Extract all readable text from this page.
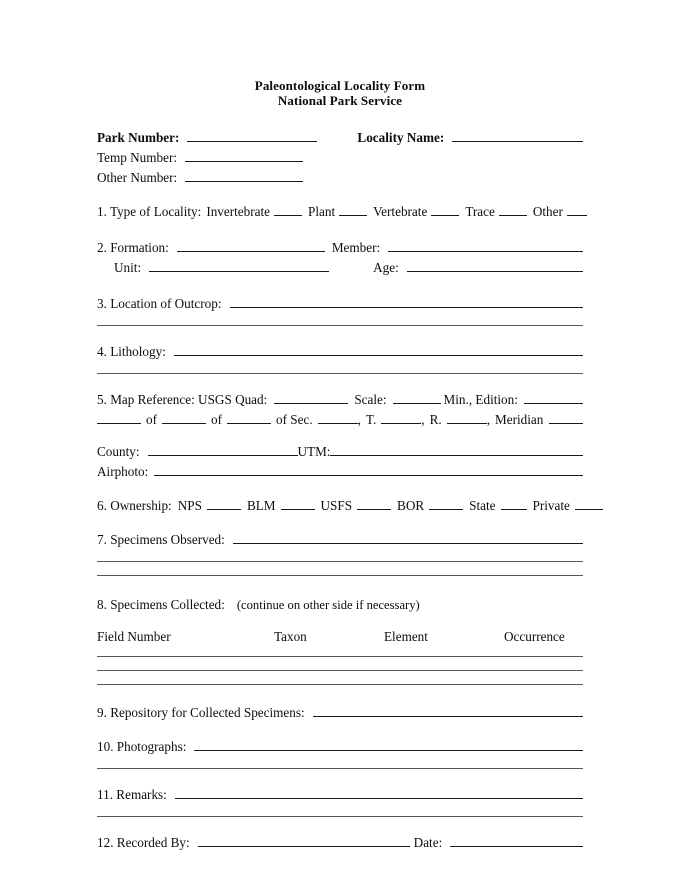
Paleontological Locality Form
National Park Service
Park Number:	Locality Name:
Temp Number:
Other Number:
1. Type of Locality: Invertebrate	Plant	Vertebrate	Trace	Other
2. Formation:	Member:
Unit:	Age:
3. Location of Outcrop:
4. Lithology:
5. Map Reference: USGS Quad:	Scale:	Min., Edition:
of	of	of Sec.	, T.	, R.	, Meridian
County:	UTM:
Airphoto:
6. Ownership: NPS	BLM	USFS	BOR	State	Private
7. Specimens Observed:
8. Specimens Collected: (continue on other side if necessary)
Field Number	Taxon	Element	Occurrence
9. Repository for Collected Specimens:
10. Photographs:
11. Remarks:
12. Recorded By:	Date:
